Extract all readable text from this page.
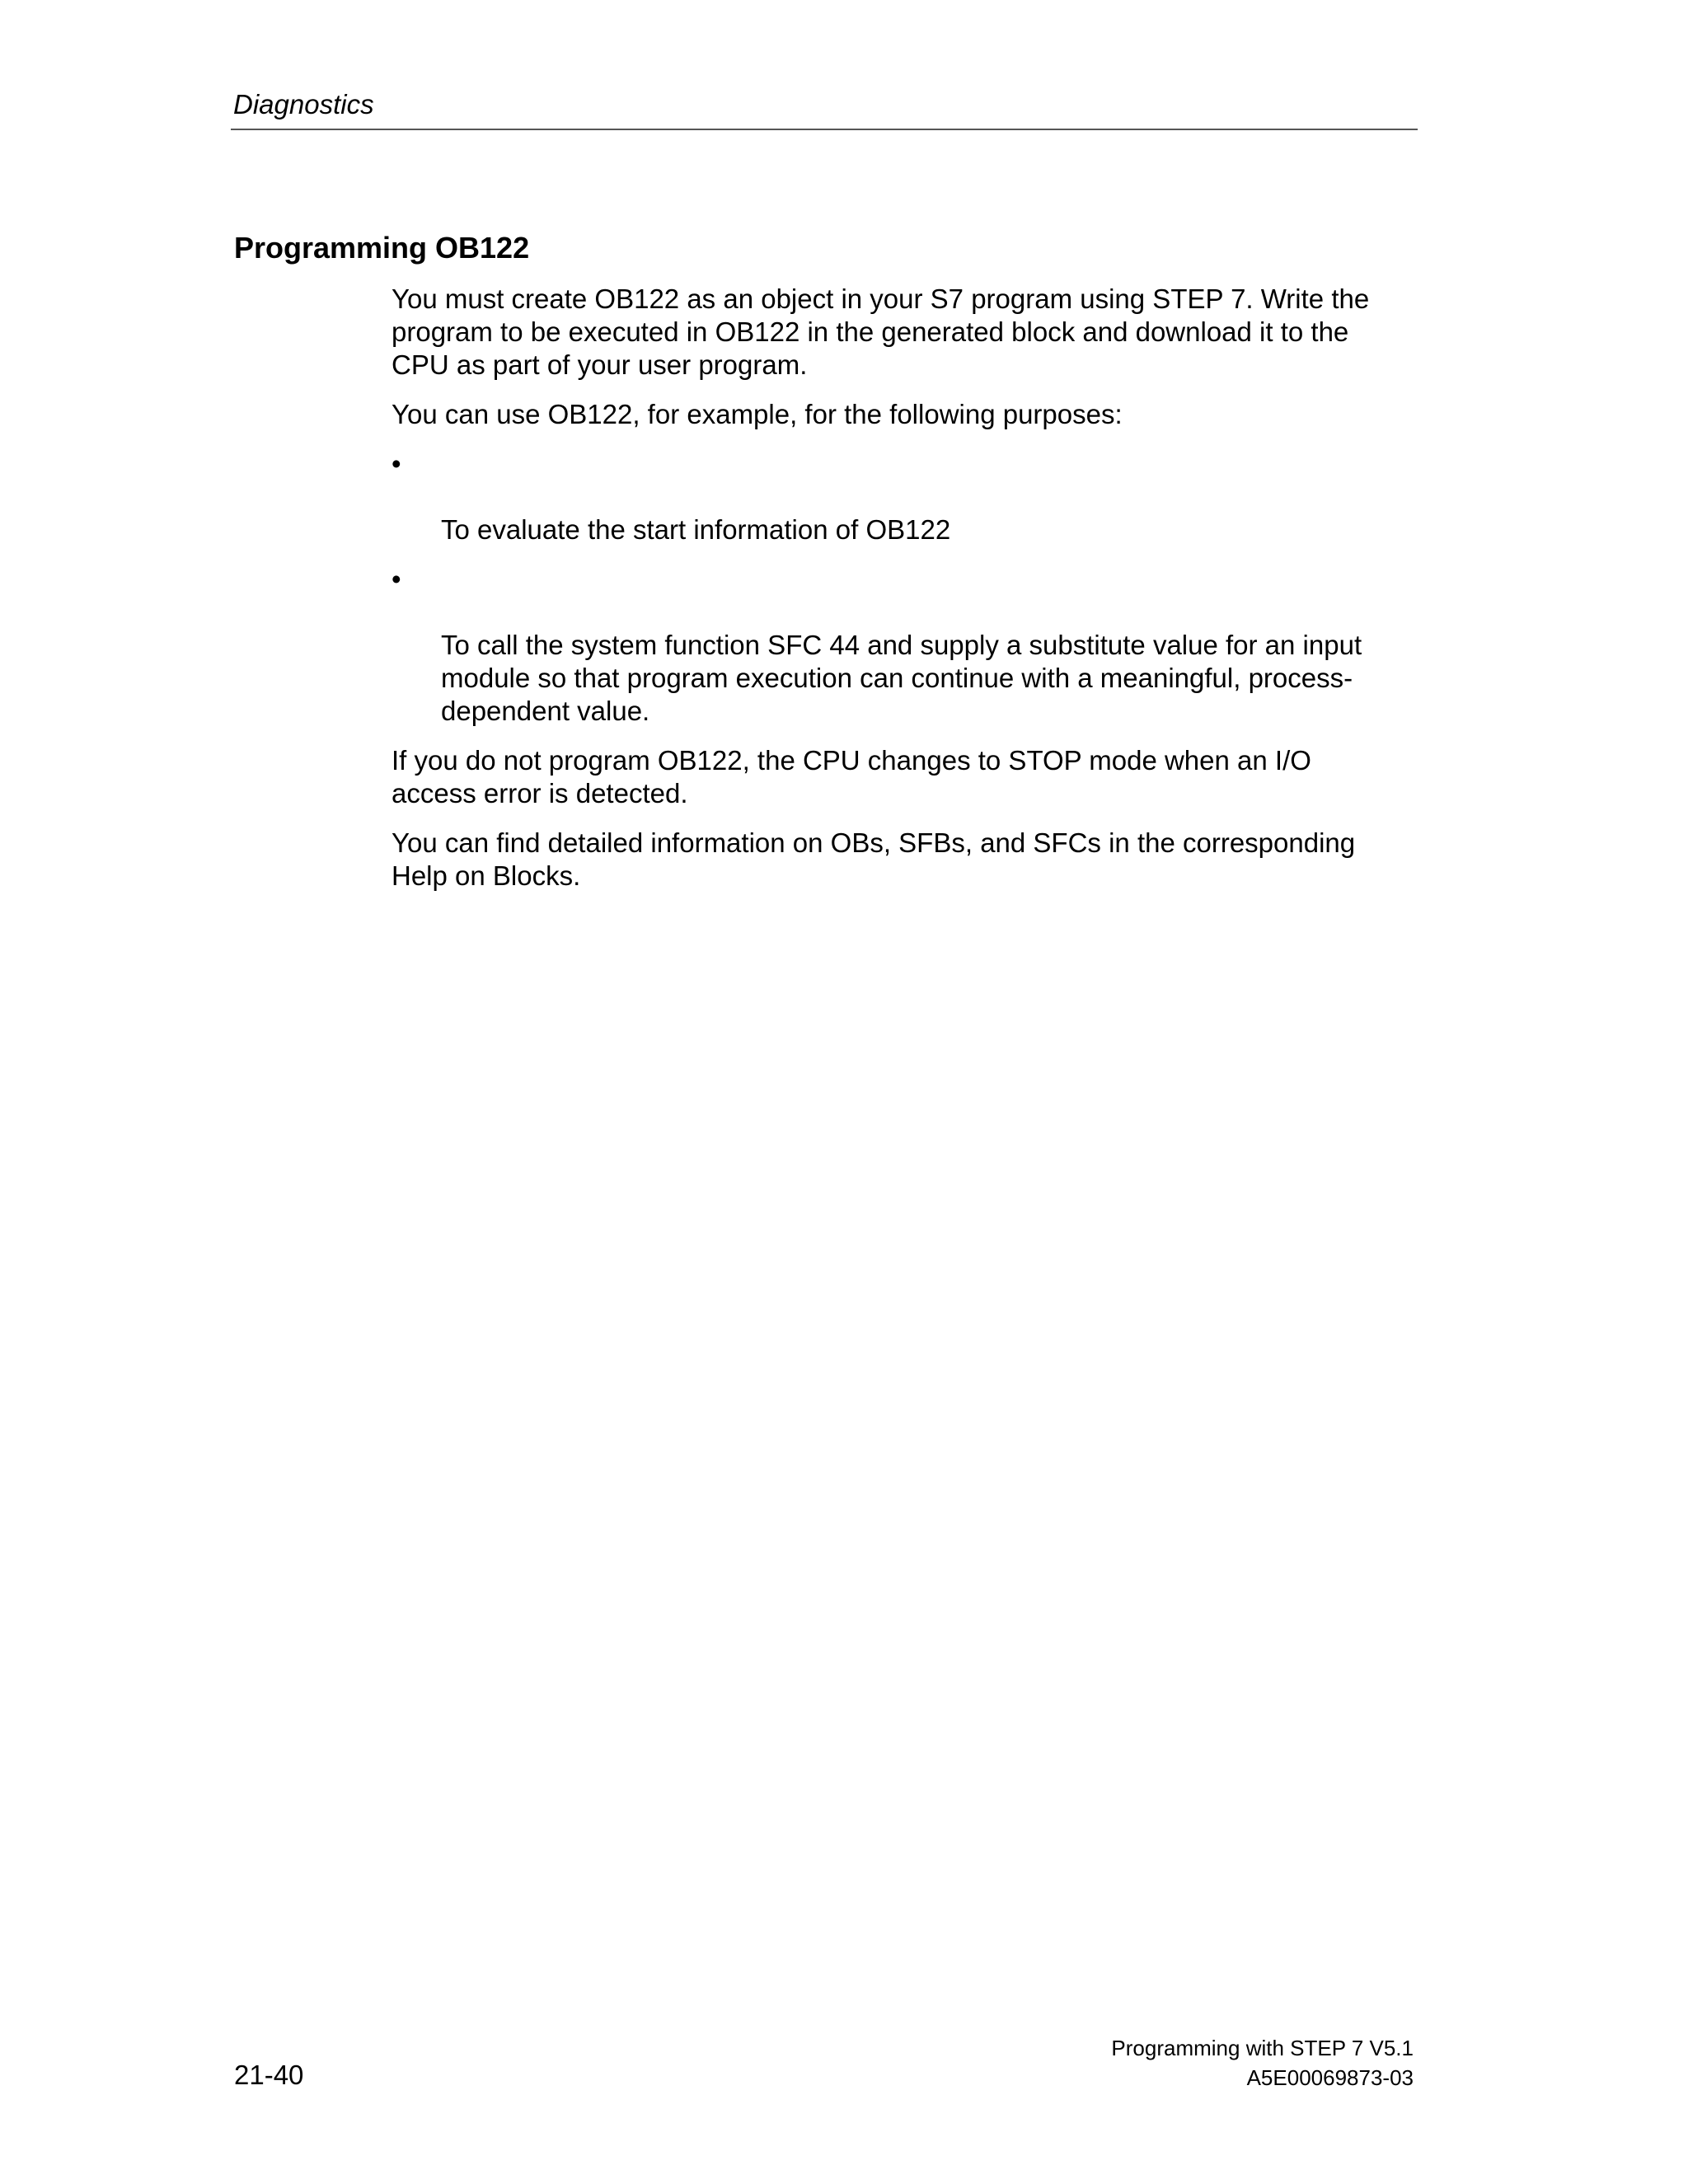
Diagnostics
Programming OB122

You must create OB122 as an object in your S7 program using STEP 7. Write the
program to be executed in OB122 in the generated block and download it to the
CPU as part of your user program.

You can use OB122, for example, for the following purposes:

•

To evaluate the start information of OB122

•

To call the system function SFC 44 and supply a substitute value for an input
module so that program execution can continue with a meaningful, process-
dependent value.

If you do not program OB122, the CPU changes to STOP mode when an I/O
access error is detected.

You can find detailed information on OBs, SFBs, and SFCs in the corresponding
Help on Blocks.

Programming with STEP 7 V5.1
21-40	A5E00069873-03
